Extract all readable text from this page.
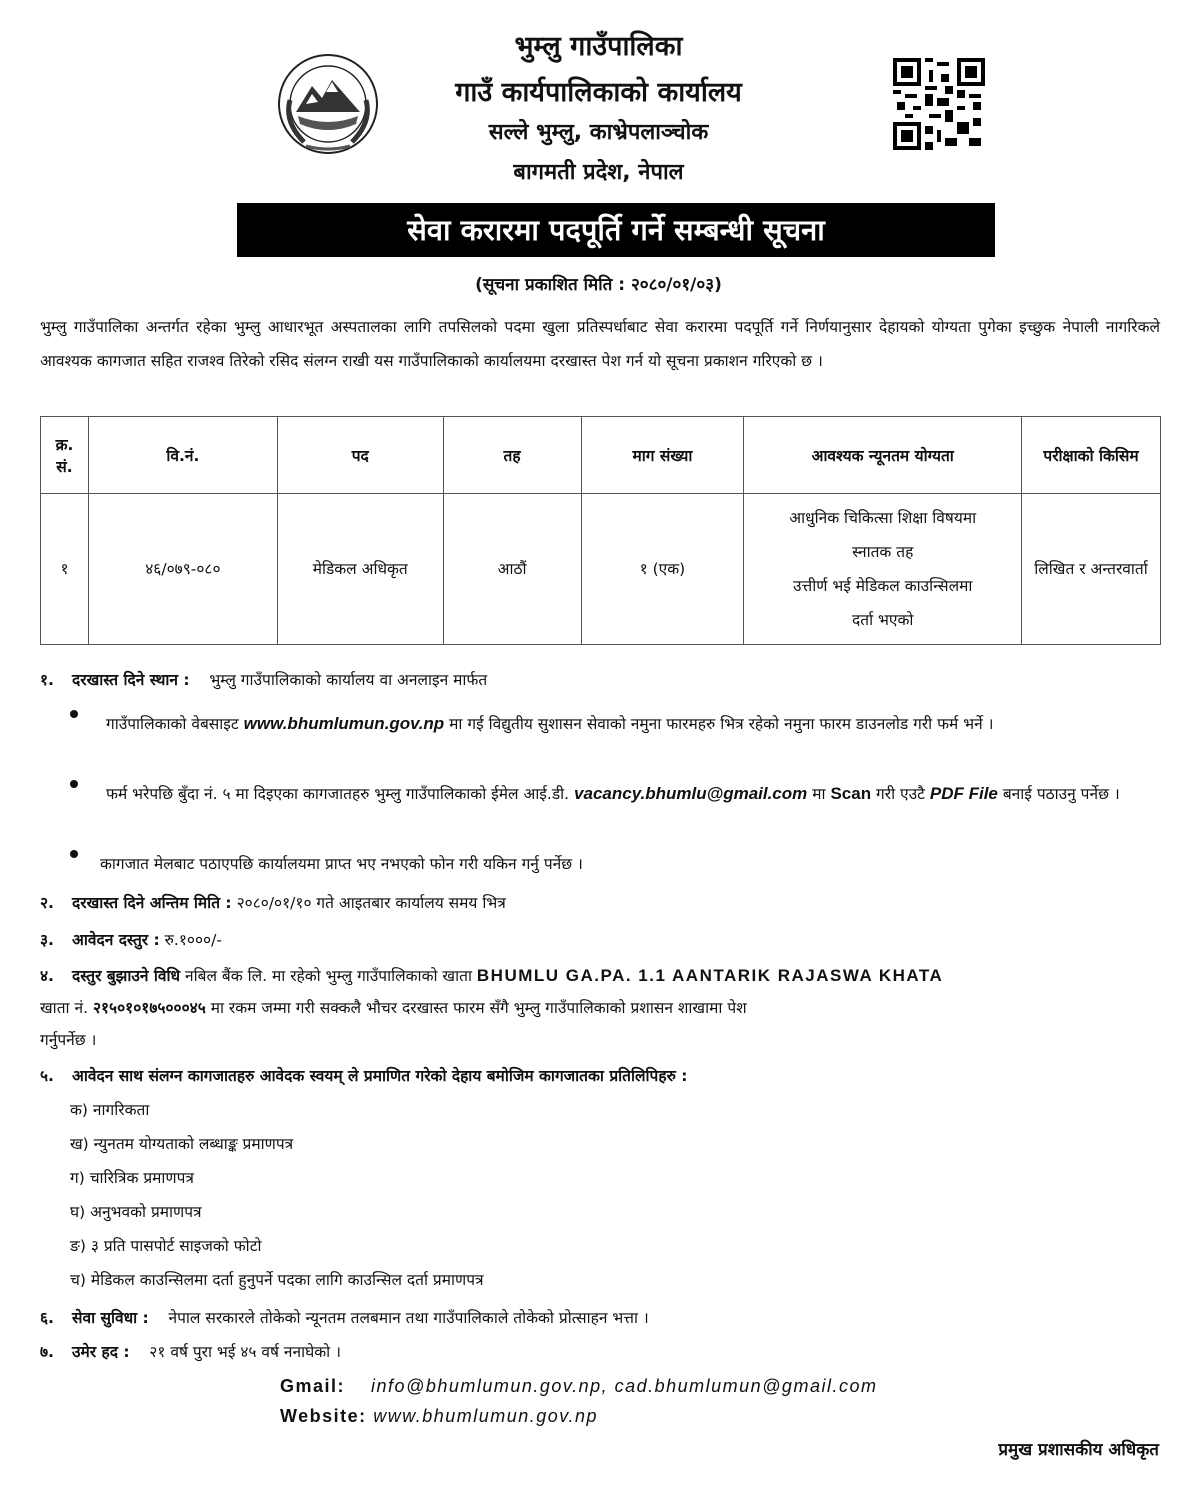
भुम्लु गाउँपालिका
गाउँ कार्यपालिकाको कार्यालय
सल्ले भुम्लु, काभ्रेपलाञ्चोक
बागमती प्रदेश, नेपाल
सेवा करारमा पदपूर्ति गर्ने सम्बन्धी सूचना
(सूचना प्रकाशित मिति : २०८०/०१/०३)
भुम्लु गाउँपालिका अन्तर्गत रहेका भुम्लु आधारभूत अस्पतालका लागि तपसिलको पदमा खुला प्रतिस्पर्धाबाट सेवा करारमा पदपूर्ति गर्ने निर्णयानुसार देहायको योग्यता पुगेका इच्छुक नेपाली नागरिकले आवश्यक कागजात सहित राजश्व तिरेको रसिद संलग्न राखी यस गाउँपालिकाको कार्यालयमा दरखास्त पेश गर्न यो सूचना प्रकाशन गरिएको छ ।
क्र.
सं.	वि.नं.	पद	तह	माग संख्या	आवश्यक न्यूनतम योग्यता	परीक्षाको किसिम
१	४६/०७९-०८०	मेडिकल अधिकृत	आठौं	१ (एक)	आधुनिक चिकित्सा शिक्षा विषयमा
स्नातक तह
उत्तीर्ण भई मेडिकल काउन्सिलमा
दर्ता भएको	लिखित र अन्तरवार्ता
१. दरखास्त दिने स्थान : भुम्लु गाउँपालिकाको कार्यालय वा अनलाइन मार्फत
गाउँपालिकाको वेबसाइट www.bhumlumun.gov.np मा गई विद्युतीय सुशासन सेवाको नमुना फारमहरु भित्र रहेको नमुना फारम डाउनलोड गरी फर्म भर्ने ।
फर्म भरेपछि बुँदा नं. ५ मा दिइएका कागजातहरु भुम्लु गाउँपालिकाको ईमेल आई.डी. vacancy.bhumlu@gmail.com मा Scan गरी एउटै PDF File बनाई पठाउनु पर्नेछ ।
कागजात मेलबाट पठाएपछि कार्यालयमा प्राप्त भए नभएको फोन गरी यकिन गर्नु पर्नेछ ।
२. दरखास्त दिने अन्तिम मिति : २०८०/०१/१० गते आइतबार कार्यालय समय भित्र
३. आवेदन दस्तुर : रु.१०००/-
४. दस्तुर बुझाउने विधि नबिल बैंक लि. मा रहेको भुम्लु गाउँपालिकाको खाता BHUMLU GA.PA. 1.1 AANTARIK RAJASWA KHATA
खाता नं. २१५०१०१७५०००४५ मा रकम जम्मा गरी सक्कलै भौचर दरखास्त फारम सँगै भुम्लु गाउँपालिकाको प्रशासन शाखामा पेश
गर्नुपर्नेछ ।
५. आवेदन साथ संलग्न कागजातहरु आवेदक स्वयम् ले प्रमाणित गरेको देहाय बमोजिम कागजातका प्रतिलिपिहरु :
क) नागरिकता
ख) न्युनतम योग्यताको लब्धाङ्क प्रमाणपत्र
ग) चारित्रिक प्रमाणपत्र
घ) अनुभवको प्रमाणपत्र
ङ) ३ प्रति पासपोर्ट साइजको फोटो
च) मेडिकल काउन्सिलमा दर्ता हुनुपर्ने पदका लागि काउन्सिल दर्ता प्रमाणपत्र
६. सेवा सुविधा : नेपाल सरकारले तोकेको न्यूनतम तलबमान तथा गाउँपालिकाले तोकेको प्रोत्साहन भत्ता ।
७. उमेर हद : २१ वर्ष पुरा भई ४५ वर्ष ननाघेको ।
Gmail: info@bhumlumun.gov.np, cad.bhumlumun@gmail.com
Website: www.bhumlumun.gov.np
प्रमुख प्रशासकीय अधिकृत
